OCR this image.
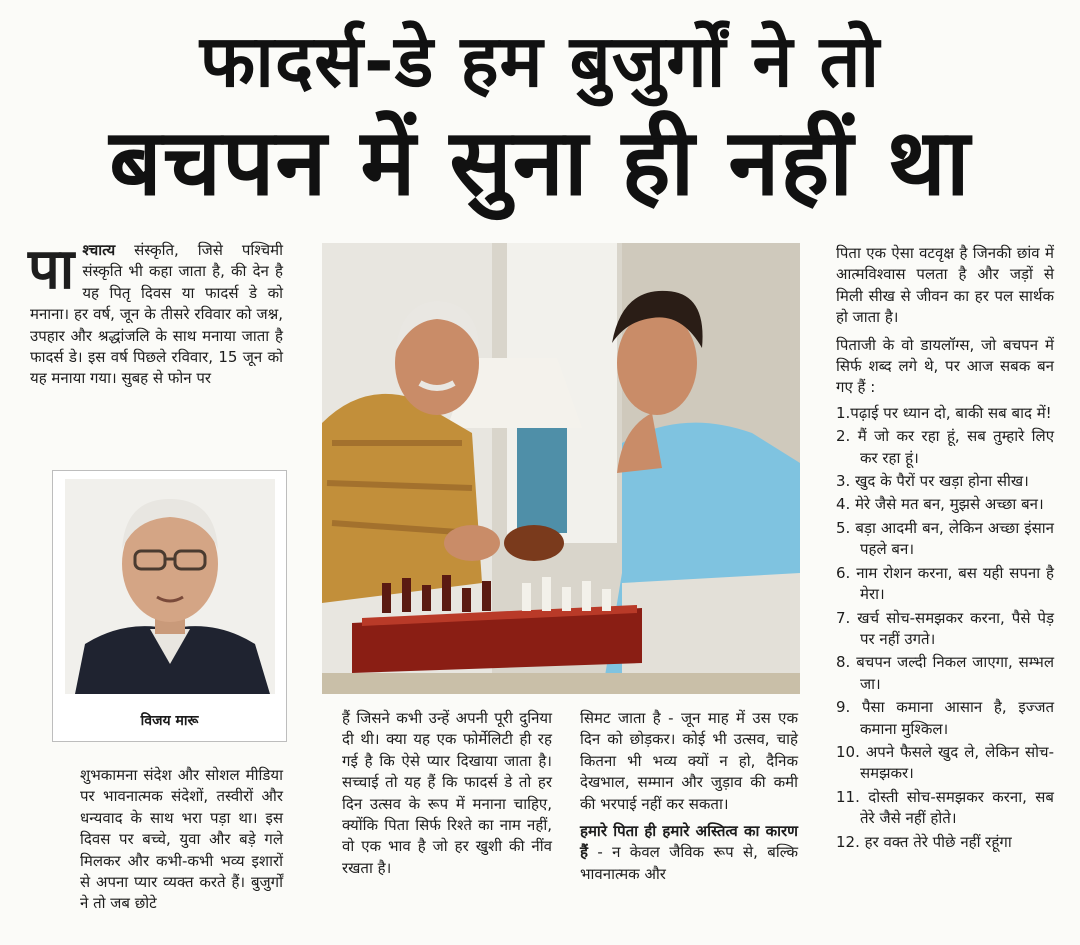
फादर्स-डे हम बुजुर्गों ने तो
बचपन में सुना ही नहीं था
पा श्चात्य संस्कृति, जिसे पश्चिमी संस्कृति भी कहा जाता है, की देन है यह पितृ दिवस या फादर्स डे को मनाना। हर वर्ष, जून के तीसरे रविवार को जश्न, उपहार और श्रद्धांजलि के साथ मनाया जाता है फादर्स डे। इस वर्ष पिछले रविवार, 15 जून को यह मनाया गया। सुबह से फोन पर
विजय मारू
शुभकामना संदेश और सोशल मीडिया पर भावनात्मक संदेशों, तस्वीरों और धन्यवाद के साथ भरा पड़ा था। इस दिवस पर बच्चे, युवा और बड़े गले मिलकर और कभी-कभी भव्य इशारों से अपना प्यार व्यक्त करते हैं। बुजुर्गों ने तो जब छोटे
हैं जिसने कभी उन्हें अपनी पूरी दुनिया दी थी। क्या यह एक फोर्मेलिटी ही रह गई है कि ऐसे प्यार दिखाया जाता है। सच्चाई तो यह हैं कि फादर्स डे तो हर दिन उत्सव के रूप में मनाना चाहिए, क्योंकि पिता सिर्फ रिश्ते का नाम नहीं, वो एक भाव है जो हर खुशी की नींव रखता है।
सिमट जाता है - जून माह में उस एक दिन को छोड़कर। कोई भी उत्सव, चाहे कितना भी भव्य क्यों न हो, दैनिक देखभाल, सम्मान और जुड़ाव की कमी की भरपाई नहीं कर सकता।
हमारे पिता ही हमारे अस्तित्व का कारण हैं - न केवल जैविक रूप से, बल्कि भावनात्मक और
पिता एक ऐसा वटवृक्ष है जिनकी छांव में आत्मविश्वास पलता है और जड़ों से मिली सीख से जीवन का हर पल सार्थक हो जाता है।
पिताजी के वो डायलॉग्स, जो बचपन में सिर्फ शब्द लगे थे, पर आज सबक बन गए हैं :
1.पढ़ाई पर ध्यान दो, बाकी सब बाद में!
2. मैं जो कर रहा हूं, सब तुम्हारे लिए कर रहा हूं।
3. खुद के पैरों पर खड़ा होना सीख।
4. मेरे जैसे मत बन, मुझसे अच्छा बन।
5. बड़ा आदमी बन, लेकिन अच्छा इंसान पहले बन।
6. नाम रोशन करना, बस यही सपना है मेरा।
7. खर्च सोच-समझकर करना, पैसे पेड़ पर नहीं उगते।
8. बचपन जल्दी निकल जाएगा, सम्भल जा।
9. पैसा कमाना आसान है, इज्जत कमाना मुश्किल।
10. अपने फैसले खुद ले, लेकिन सोच-समझकर।
11. दोस्ती सोच-समझकर करना, सब तेरे जैसे नहीं होते।
12. हर वक्त तेरे पीछे नहीं रहूंगा
